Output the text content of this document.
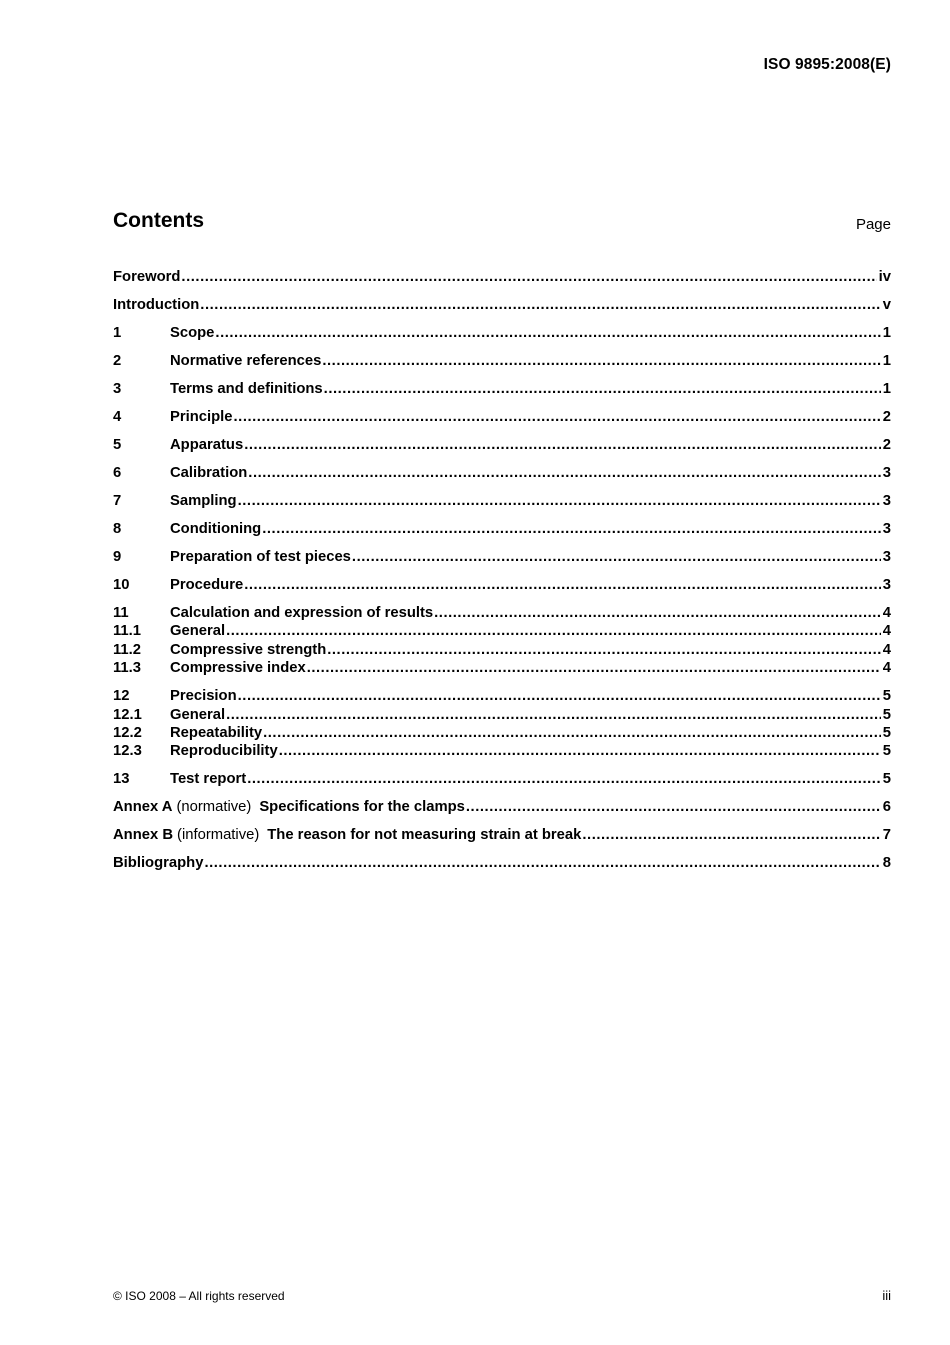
ISO 9895:2008(E)
Contents	Page
Foreword .....	iv
Introduction .....	v
1	Scope .....	1
2	Normative references .....	1
3	Terms and definitions .....	1
4	Principle .....	2
5	Apparatus .....	2
6	Calibration .....	3
7	Sampling .....	3
8	Conditioning .....	3
9	Preparation of test pieces .....	3
10	Procedure .....	3
11	Calculation and expression of results .....	4
11.1	General .....	4
11.2	Compressive strength .....	4
11.3	Compressive index .....	4
12	Precision .....	5
12.1	General .....	5
12.2	Repeatability .....	5
12.3	Reproducibility .....	5
13	Test report .....	5
Annex A (normative) Specifications for the clamps .....	6
Annex B (informative) The reason for not measuring strain at break .....	7
Bibliography .....	8
© ISO 2008 – All rights reserved	iii
